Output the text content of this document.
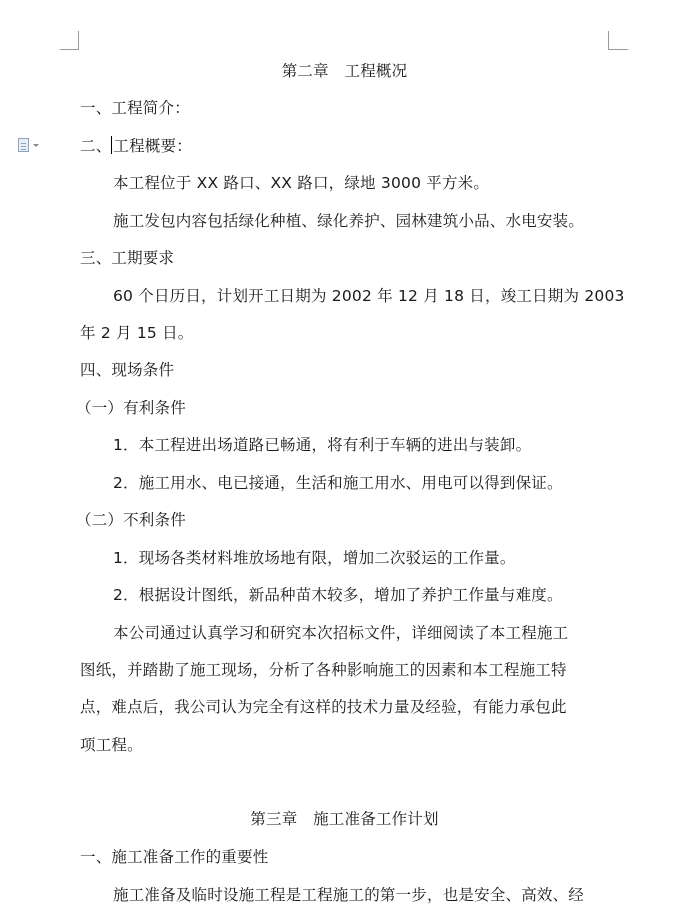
第二章　工程概况
一、工程简介：
二、 工程概要：
本工程位于 XX 路口、XX 路口，绿地 3000 平方米。
施工发包内容包括绿化种植、绿化养护、园林建筑小品、水电安装。
三、工期要求
60 个日历日，计划开工日期为 2002 年 12 月 18 日，竣工日期为 2003
年 2 月 15 日。
四、现场条件
（一）有利条件
1．本工程进出场道路已畅通，将有利于车辆的进出与装卸。
2．施工用水、电已接通，生活和施工用水、用电可以得到保证。
（二）不利条件
1．现场各类材料堆放场地有限，增加二次驳运的工作量。
2．根据设计图纸，新品种苗木较多，增加了养护工作量与难度。
本公司通过认真学习和研究本次招标文件，详细阅读了本工程施工
图纸，并踏勘了施工现场，分析了各种影响施工的因素和本工程施工特
点，难点后，我公司认为完全有这样的技术力量及经验，有能力承包此
项工程。
第三章　施工准备工作计划
一、施工准备工作的重要性
施工准备及临时设施工程是工程施工的第一步，也是安全、高效、经
